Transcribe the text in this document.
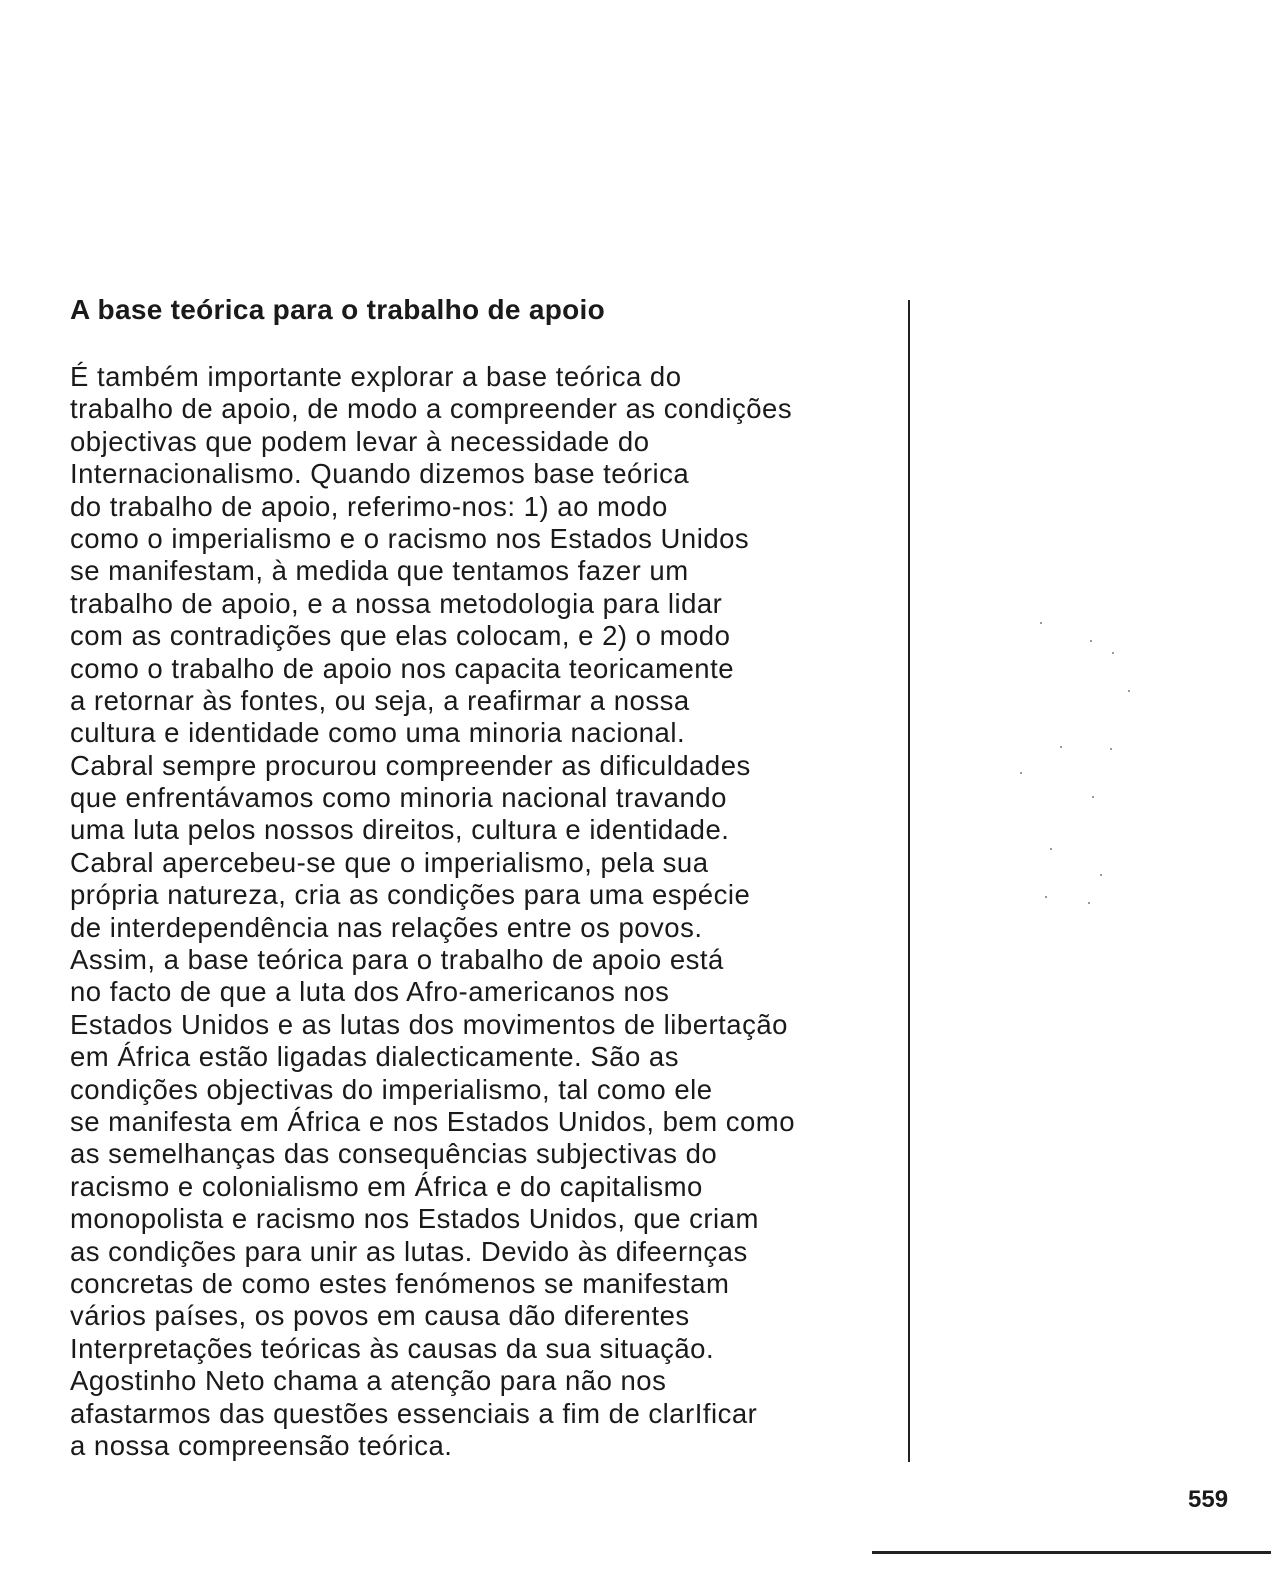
A base teórica para o trabalho de apoio
É também importante explorar a base teórica do
trabalho de apoio, de modo a compreender as condições
objectivas que podem levar à necessidade do
Internacionalismo. Quando dizemos base teórica
do trabalho de apoio, referimo-nos: 1) ao modo
como o imperialismo e o racismo nos Estados Unidos
se manifestam, à medida que tentamos fazer um
trabalho de apoio, e a nossa metodologia para lidar
com as contradições que elas colocam, e 2) o modo
como o trabalho de apoio nos capacita teoricamente
a retornar às fontes, ou seja, a reafirmar a nossa
cultura e identidade como uma minoria nacional.
Cabral sempre procurou compreender as dificuldades
que enfrentávamos como minoria nacional travando
uma luta pelos nossos direitos, cultura e identidade.
Cabral apercebeu-se que o imperialismo, pela sua
própria natureza, cria as condições para uma espécie
de interdependência nas relações entre os povos.
Assim, a base teórica para o trabalho de apoio está
no facto de que a luta dos Afro-americanos nos
Estados Unidos e as lutas dos movimentos de libertação
em África estão ligadas dialecticamente. São as
condições objectivas do imperialismo, tal como ele
se manifesta em África e nos Estados Unidos, bem como
as semelhanças das consequências subjectivas do
racismo e colonialismo em África e do capitalismo
monopolista e racismo nos Estados Unidos, que criam
as condições para unir as lutas. Devido às difeernças
concretas de como estes fenómenos se manifestam
vários países, os povos em causa dão diferentes
Interpretações teóricas às causas da sua situação.
Agostinho Neto chama a atenção para não nos
afastarmos das questões essenciais a fim de clarIficar
a nossa compreensão teórica.
559
